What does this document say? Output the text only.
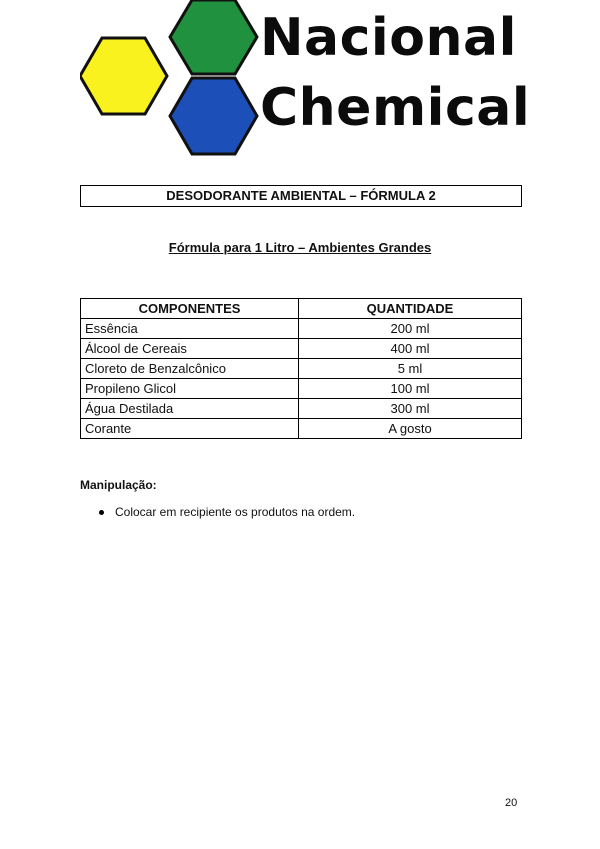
Nacional
Chemical
DESODORANTE AMBIENTAL – FÓRMULA 2
Fórmula para 1 Litro – Ambientes Grandes
COMPONENTES	QUANTIDADE
Essência	200 ml
Álcool de Cereais	400 ml
Cloreto de Benzalcônico	5 ml
Propileno Glicol	100 ml
Água Destilada	300 ml
Corante	A gosto
Manipulação:
Colocar em recipiente os produtos na ordem.
20
